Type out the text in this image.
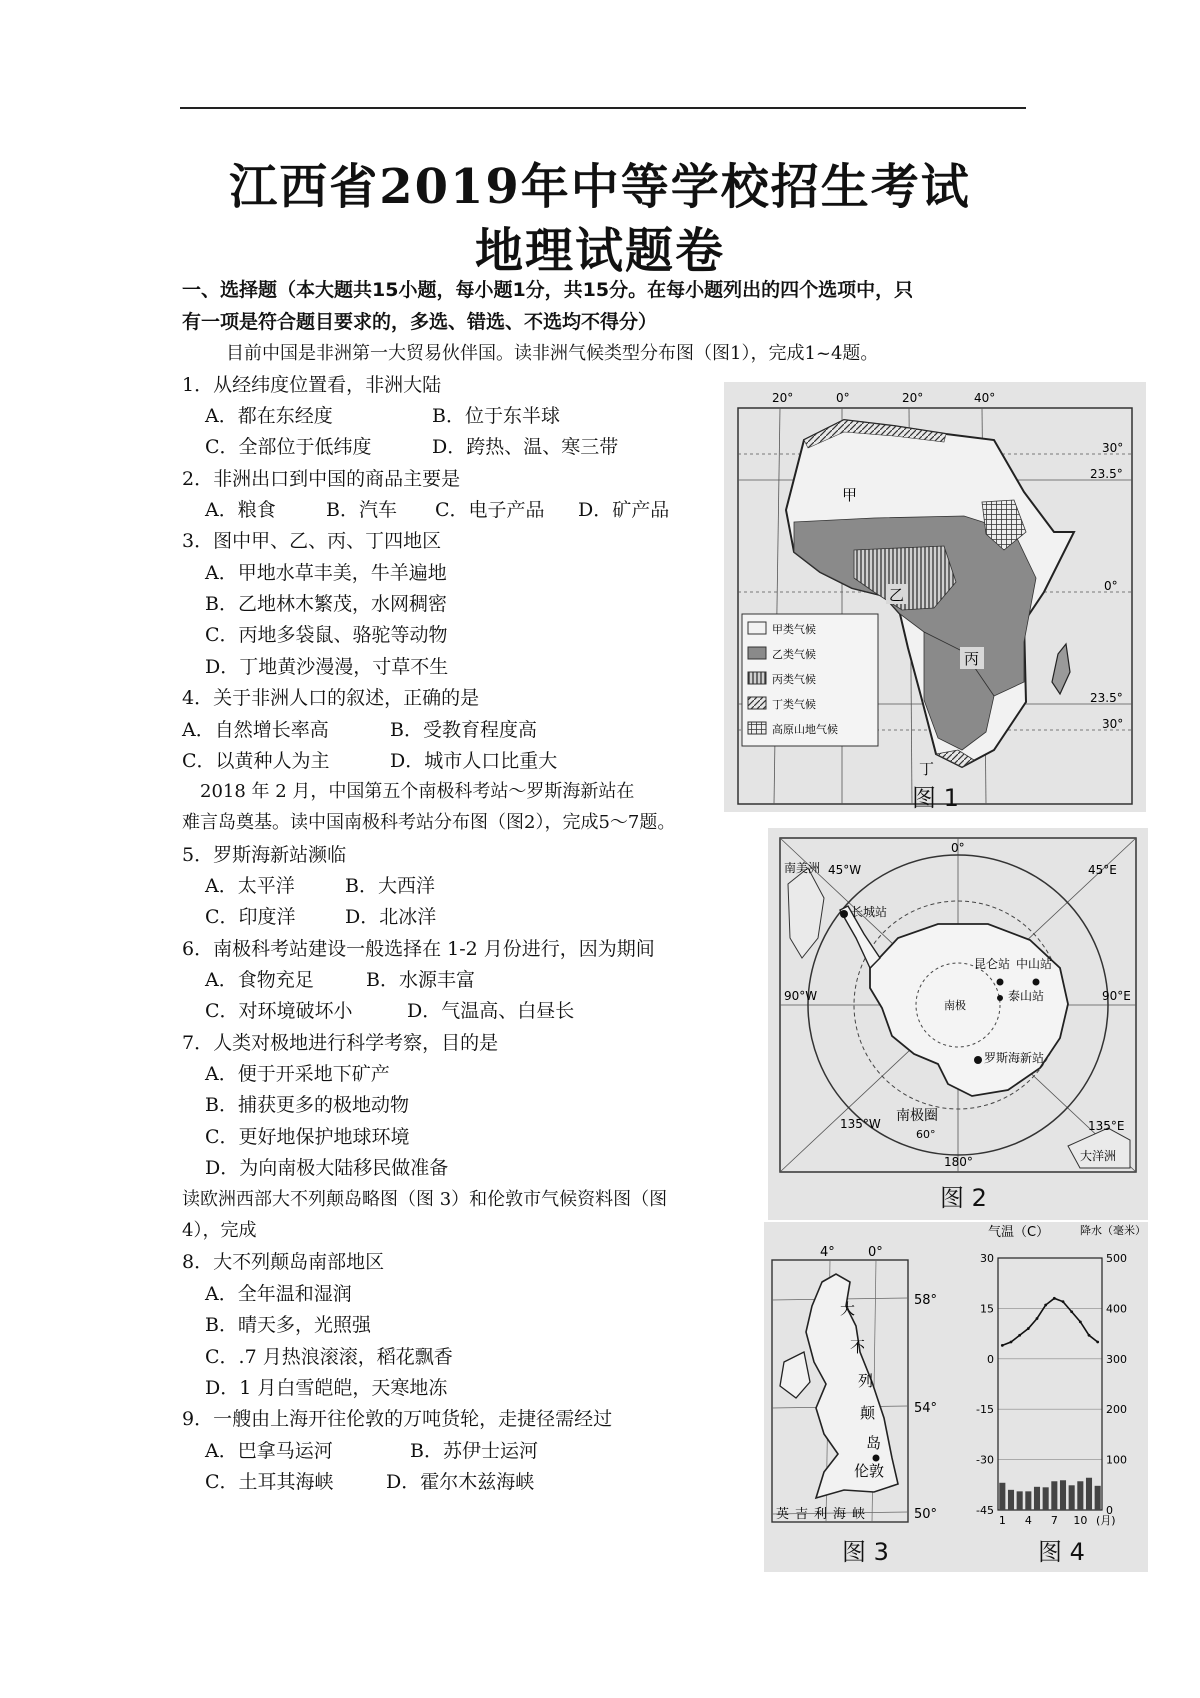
江西省2019年中等学校招生考试
地理试题卷
一、选择题（本大题共15小题，每小题1分，共15分。在每小题列出的四个选项中，只
有一项是符合题目要求的，多选、错选、不选均不得分）
目前中国是非洲第一大贸易伙伴国。读非洲气候类型分布图（图1），完成1~4题。
1．从经纬度位置看，非洲大陆
A．都在东经度	B．位于东半球
C．全部位于低纬度	D．跨热、温、寒三带
2．非洲出口到中国的商品主要是
A．粮食	B．汽车 C．电子产品 D．矿产品
3．图中甲、乙、丙、丁四地区
A．甲地水草丰美，牛羊遍地
B．乙地林木繁茂，水网稠密
C．丙地多袋鼠、骆驼等动物
D．丁地黄沙漫漫，寸草不生
4．关于非洲人口的叙述，正确的是
A．自然增长率高	B．受教育程度高
C．以黄种人为主	D．城市人口比重大
2018 年 2 月，中国第五个南极科考站～罗斯海新站在
难言岛奠基。读中国南极科考站分布图（图2），完成5～7题。
5．罗斯海新站濒临
A．太平洋	B．大西洋
C．印度洋	D．北冰洋
6．南极科考站建设一般选择在 1-2 月份进行，因为期间
A．食物充足	B．水源丰富
C．对环境破坏小	D．气温高、白昼长
7．人类对极地进行科学考察，目的是
A．便于开采地下矿产
B．捕获更多的极地动物
C．更好地保护地球环境
D．为向南极大陆移民做准备
读欧洲西部大不列颠岛略图（图 3）和伦敦市气候资料图（图
4），完成
8．大不列颠岛南部地区
A．全年温和湿润
B．晴天多，光照强
C．.7 月热浪滚滚，稻花飘香
D．1 月白雪皑皑，天寒地冻
9．一艘由上海开往伦敦的万吨货轮，走捷径需经过
A．巴拿马运河	B．苏伊士运河
C．土耳其海峡	D．霍尔木兹海峡
甲
乙
丙
丁
20°	0°	20°	40°
30°
23.5°
0°
23.5°
30°
甲类气候
乙类气候
丙类气候
丁类气候
高原山地气候
图 1
长城站
昆仑站 中山站
泰山站
罗斯海新站
南极
南极圈
60°
0°
45°E
90°E
135°E
180°
135°W
90°W
45°W
南美洲
大洋洲
图 2
伦敦
大
不
列
颠
岛
英吉利海峡
4°	0°
58°
54°
50°
图 3
气温（C）	降水（毫米）
30
15
0
-15
-30
-45
500
400
300
200
100
0
1 4 7 10 (月)
图 4
